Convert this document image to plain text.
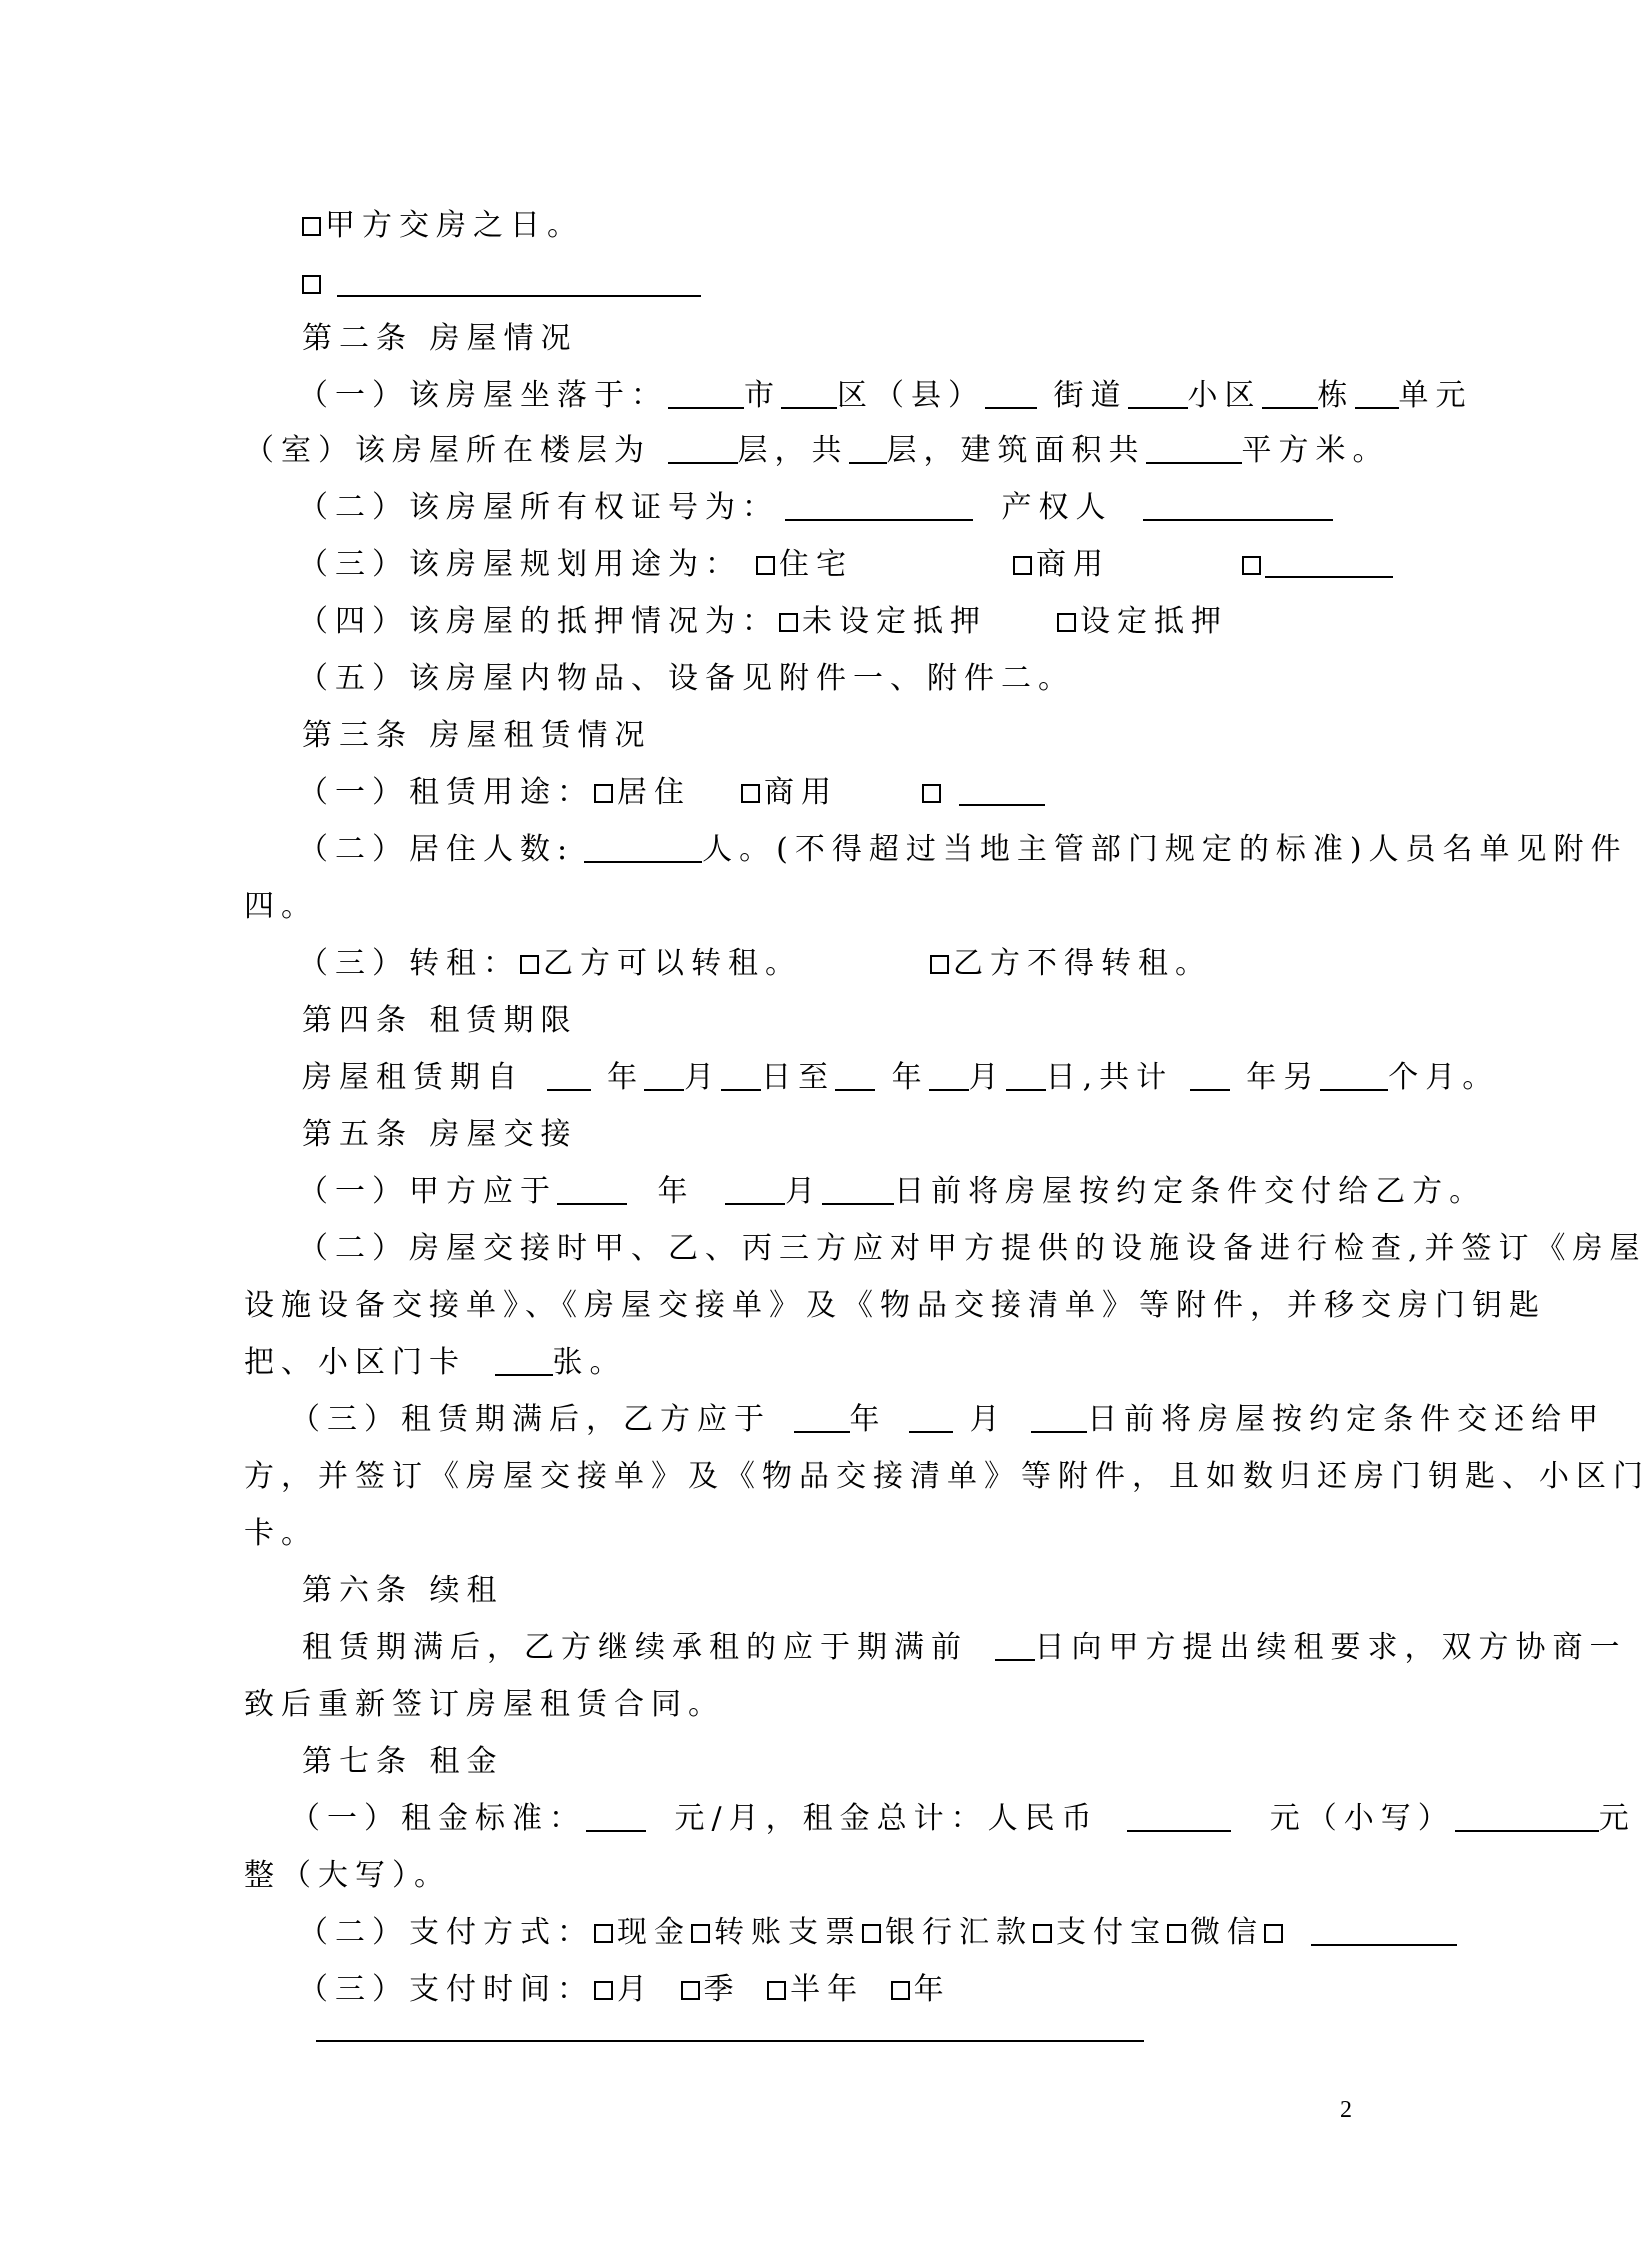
甲方交房之日。
第二条 房屋情况
（一）该房屋坐落于：	市 区（县） 街道 小区 栋 单元
（室）该房屋所在楼层为	层，共 层，建筑面积共	平方米。
（二）该房屋所有权证号为：	产权人
（三）该房屋规划用途为： 住宅	商用
（四）该房屋的抵押情况为： 未设定抵押	设定抵押
（五）该房屋内物品、设备见附件一、附件二。
第三条 房屋租赁情况
（一）租赁用途： 居住 商用
（二）居住人数:	人。(不得超过当地主管部门规定的标准)人员名单见附件
四。
（三）转租： 乙方可以转租。	乙方不得转租。
第四条 租赁期限
房屋租赁期自	年 月 日至 年 月 日,共计 年另 个月。
第五条 房屋交接
（一）甲方应于	年	月 日前将房屋按约定条件交付给乙方。
（二）房屋交接时甲、乙、丙三方应对甲方提供的设施设备进行检查,并签订《房屋
设施设备交接单》、《房屋交接单》及《物品交接清单》等附件，并移交房门钥匙
把、小区门卡	张。
（三）租赁期满后，乙方应于	年	月	日前将房屋按约定条件交还给甲
方，并签订《房屋交接单》及《物品交接清单》等附件，且如数归还房门钥匙、小区门
卡。
第六条 续租
租赁期满后，乙方继续承租的应于期满前 日向甲方提出续租要求，双方协商一
致后重新签订房屋租赁合同。
第七条 租金
（一）租金标准：	元/月，租金总计：人民币	元（小写）	元
整（大写）。
（二）支付方式： 现金 转账支票 银行汇款 支付宝 微信
（三）支付时间： 月 季 半年 年
2
